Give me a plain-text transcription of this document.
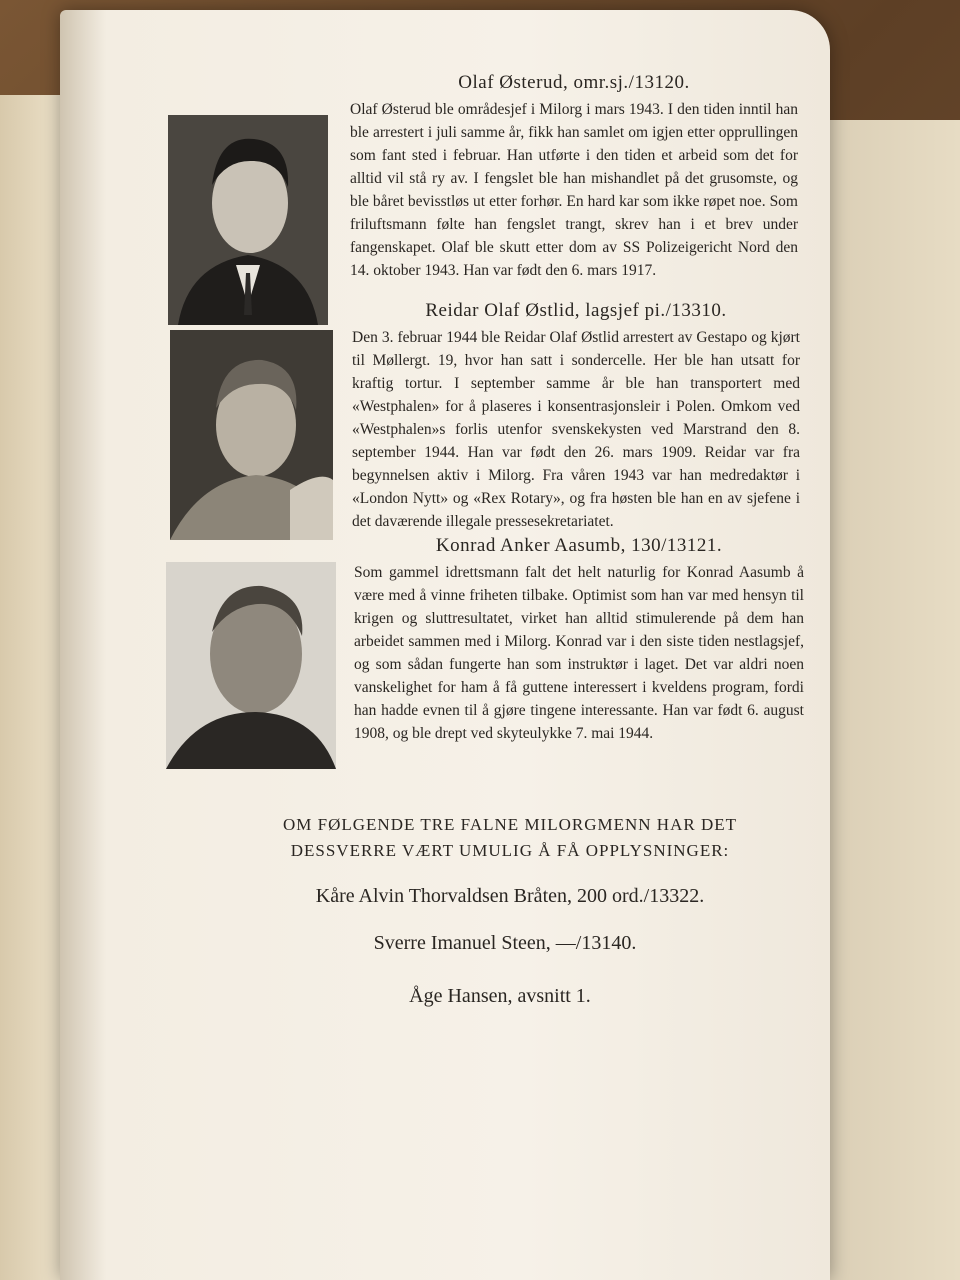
Olaf Østerud, omr.sj./13120.
Olaf Østerud ble områdesjef i Milorg i mars 1943. I den tiden inntil han ble arrestert i juli samme år, fikk han samlet om igjen etter opprullingen som fant sted i februar. Han utførte i den tiden et arbeid som det for alltid vil stå ry av. I fengslet ble han mishandlet på det grusomste, og ble båret bevisstløs ut etter forhør. En hard kar som ikke røpet noe. Som friluftsmann følte han fengslet trangt, skrev han i et brev under fangenskapet. Olaf ble skutt etter dom av SS Polizeigericht Nord den 14. oktober 1943. Han var født den 6. mars 1917.
Reidar Olaf Østlid, lagsjef pi./13310.
Den 3. februar 1944 ble Reidar Olaf Østlid arrestert av Gestapo og kjørt til Møllergt. 19, hvor han satt i sondercelle. Her ble han utsatt for kraftig tortur. I september samme år ble han transportert med «Westphalen» for å plaseres i konsentrasjonsleir i Polen. Omkom ved «Westphalen»s forlis utenfor svenskekysten ved Marstrand den 8. september 1944. Han var født den 26. mars 1909. Reidar var fra begynnelsen aktiv i Milorg. Fra våren 1943 var han medredaktør i «London Nytt» og «Rex Rotary», og fra høsten ble han en av sjefene i det daværende illegale pressesekretariatet.
Konrad Anker Aasumb, 130/13121.
Som gammel idrettsmann falt det helt naturlig for Konrad Aasumb å være med å vinne friheten tilbake. Optimist som han var med hensyn til krigen og sluttresultatet, virket han alltid stimulerende på dem han arbeidet sammen med i Milorg. Konrad var i den siste tiden nestlagsjef, og som sådan fungerte han som instruktør i laget. Det var aldri noen vanskelighet for ham å få guttene interessert i kveldens program, fordi han hadde evnen til å gjøre tingene interessante. Han var født 6. august 1908, og ble drept ved skyteulykke 7. mai 1944.
OM FØLGENDE TRE FALNE MILORGMENN HAR DET
DESSVERRE VÆRT UMULIG Å FÅ OPPLYSNINGER:
Kåre Alvin Thorvaldsen Bråten, 200 ord./13322.
Sverre Imanuel Steen, —/13140.
Åge Hansen, avsnitt 1.
